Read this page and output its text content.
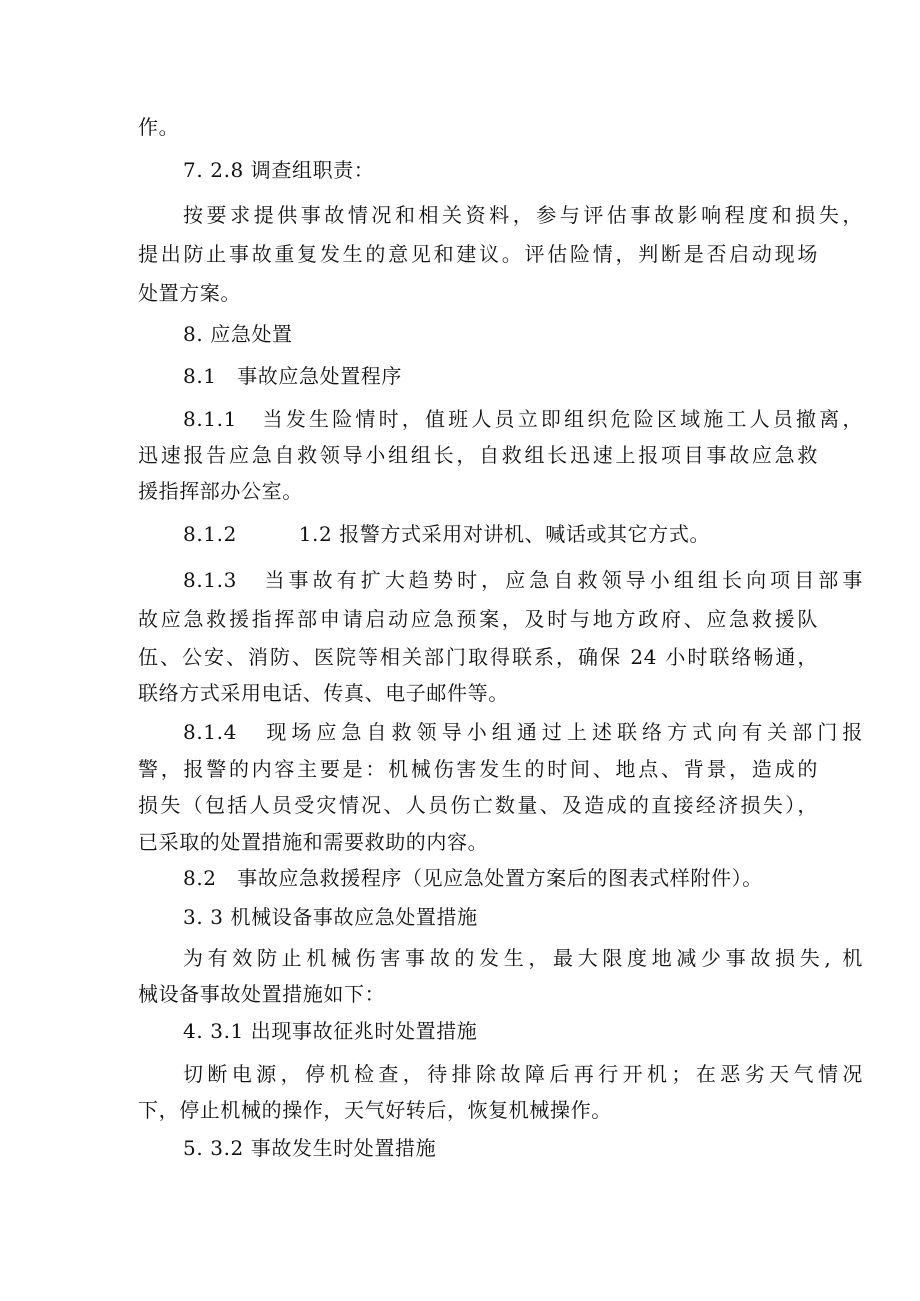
作。
7. 2.8 调查组职责：
按要求提供事故情况和相关资料，参与评估事故影响程度和损失，
提出防止事故重复发生的意见和建议。评估险情，判断是否启动现场
处置方案。
8. 应急处置
8.1　事故应急处置程序
8.1.1　当发生险情时，值班人员立即组织危险区域施工人员撤离，
迅速报告应急自救领导小组组长，自救组长迅速上报项目事故应急救
援指挥部办公室。
8.1.2　　　1.2 报警方式采用对讲机、喊话或其它方式。
8.1.3　当事故有扩大趋势时，应急自救领导小组组长向项目部事
故应急救援指挥部申请启动应急预案，及时与地方政府、应急救援队
伍、公安、消防、医院等相关部门取得联系，确保 24 小时联络畅通，
联络方式采用电话、传真、电子邮件等。
8.1.4　现场应急自救领导小组通过上述联络方式向有关部门报
警，报警的内容主要是：机械伤害发生的时间、地点、背景，造成的
损失（包括人员受灾情况、人员伤亡数量、及造成的直接经济损失），
已采取的处置措施和需要救助的内容。
8.2　事故应急救援程序（见应急处置方案后的图表式样附件）。
3. 3 机械设备事故应急处置措施
为有效防止机械伤害事故的发生，最大限度地减少事故损失, 机
械设备事故处置措施如下：
4. 3.1 出现事故征兆时处置措施
切断电源，停机检查，待排除故障后再行开机；在恶劣天气情况
下，停止机械的操作，天气好转后，恢复机械操作。
5. 3.2 事故发生时处置措施
